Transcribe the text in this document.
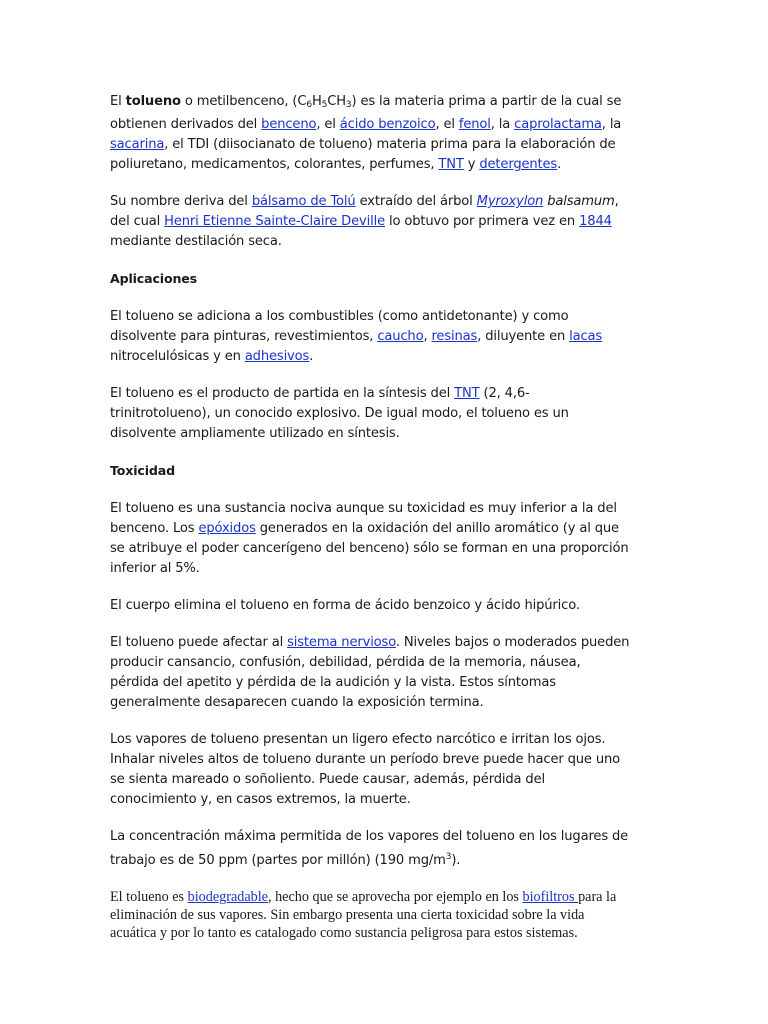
El tolueno o metilbenceno, $(C_6H_5CH_3)$ es la materia prima a partir de la cual se obtienen derivados del benceno, el ácido benzoico, el fenol, la caprolactama, la sacarina, el TDI (diisocianato de tolueno) materia prima para la elaboración de poliuretano, medicamentos, colorantes, perfumes, TNT y detergentes.

Su nombre deriva del bálsamo de Tolú extraído del árbol Myroxylon balsamum, del cual Henri Etienne Sainte-Claire Deville lo obtuvo por primera vez en 1844 mediante destilación seca.

Aplicaciones

El tolueno se adiciona a los combustibles (como antidetonante) y como disolvente para pinturas, revestimientos, caucho, resinas, diluyente en lacas nitrocelulósicas y en adhesivos.

El tolueno es el producto de partida en la síntesis del TNT (2, 4,6-trinitrotolueno), un conocido explosivo. De igual modo, el tolueno es un disolvente ampliamente utilizado en síntesis.

Toxicidad

El tolueno es una sustancia nociva aunque su toxicidad es muy inferior a la del benceno. Los epóxidos generados en la oxidación del anillo aromático (y al que se atribuye el poder cancerígeno del benceno) sólo se forman en una proporción inferior al 5%.

El cuerpo elimina el tolueno en forma de ácido benzoico y ácido hipúrico.

El tolueno puede afectar al sistema nervioso. Niveles bajos o moderados pueden producir cansancio, confusión, debilidad, pérdida de la memoria, náusea, pérdida del apetito y pérdida de la audición y la vista. Estos síntomas generalmente desaparecen cuando la exposición termina.

Los vapores de tolueno presentan un ligero efecto narcótico e irritan los ojos. Inhalar niveles altos de tolueno durante un período breve puede hacer que uno se sienta mareado o soñoliento. Puede causar, además, pérdida del conocimiento y, en casos extremos, la muerte.

La concentración máxima permitida de los vapores del tolueno en los lugares de trabajo es de 50 ppm (partes por millón) (190 $mg/m^3$).

El tolueno es biodegradable, hecho que se aprovecha por ejemplo en los biofiltros para la eliminación de sus vapores. Sin embargo presenta una cierta toxicidad sobre la vida acuática y por lo tanto es catalogado como sustancia peligrosa para estos sistemas.
